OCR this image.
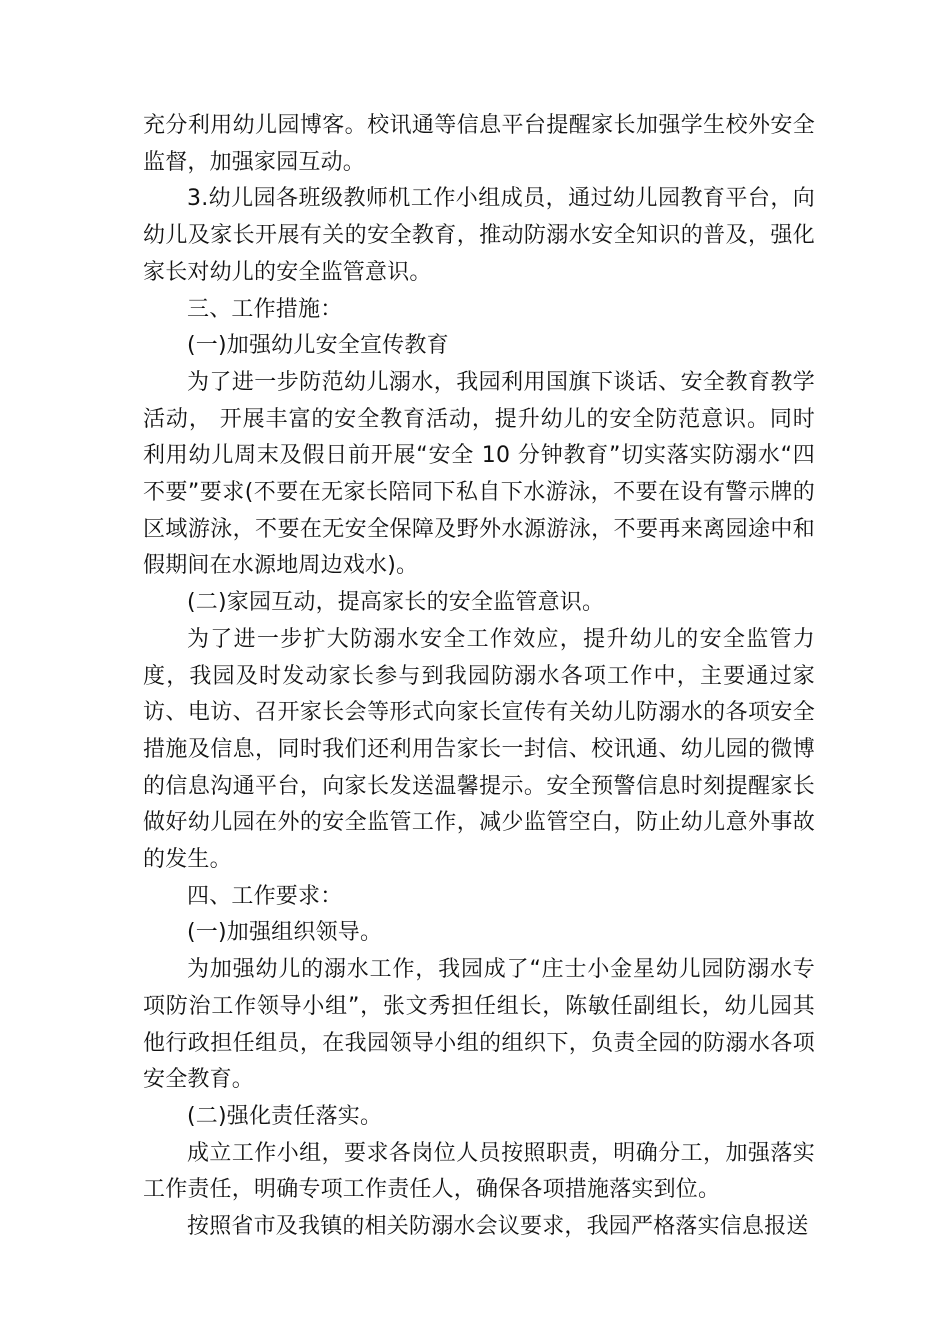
充分利用幼儿园博客。校讯通等信息平台提醒家长加强学生校外安全监督，加强家园互动。

3.幼儿园各班级教师机工作小组成员，通过幼儿园教育平台，向幼儿及家长开展有关的安全教育，推动防溺水安全知识的普及，强化家长对幼儿的安全监管意识。

三、工作措施：

(一)加强幼儿安全宣传教育

为了进一步防范幼儿溺水，我园利用国旗下谈话、安全教育教学活动， 开展丰富的安全教育活动，提升幼儿的安全防范意识。同时利用幼儿周末及假日前开展“安全 10 分钟教育”切实落实防溺水“四不要”要求(不要在无家长陪同下私自下水游泳，不要在设有警示牌的区域游泳，不要在无安全保障及野外水源游泳，不要再来离园途中和假期间在水源地周边戏水)。

(二)家园互动，提高家长的安全监管意识。

为了进一步扩大防溺水安全工作效应，提升幼儿的安全监管力度，我园及时发动家长参与到我园防溺水各项工作中，主要通过家访、电访、召开家长会等形式向家长宣传有关幼儿防溺水的各项安全措施及信息，同时我们还利用告家长一封信、校讯通、幼儿园的微博的信息沟通平台，向家长发送温馨提示。安全预警信息时刻提醒家长做好幼儿园在外的安全监管工作，减少监管空白，防止幼儿意外事故的发生。

四、工作要求：

(一)加强组织领导。

为加强幼儿的溺水工作，我园成了“庄士小金星幼儿园防溺水专项防治工作领导小组”，张文秀担任组长，陈敏任副组长，幼儿园其他行政担任组员，在我园领导小组的组织下，负责全园的防溺水各项安全教育。

(二)强化责任落实。

成立工作小组，要求各岗位人员按照职责，明确分工，加强落实工作责任，明确专项工作责任人，确保各项措施落实到位。

按照省市及我镇的相关防溺水会议要求，我园严格落实信息报送
